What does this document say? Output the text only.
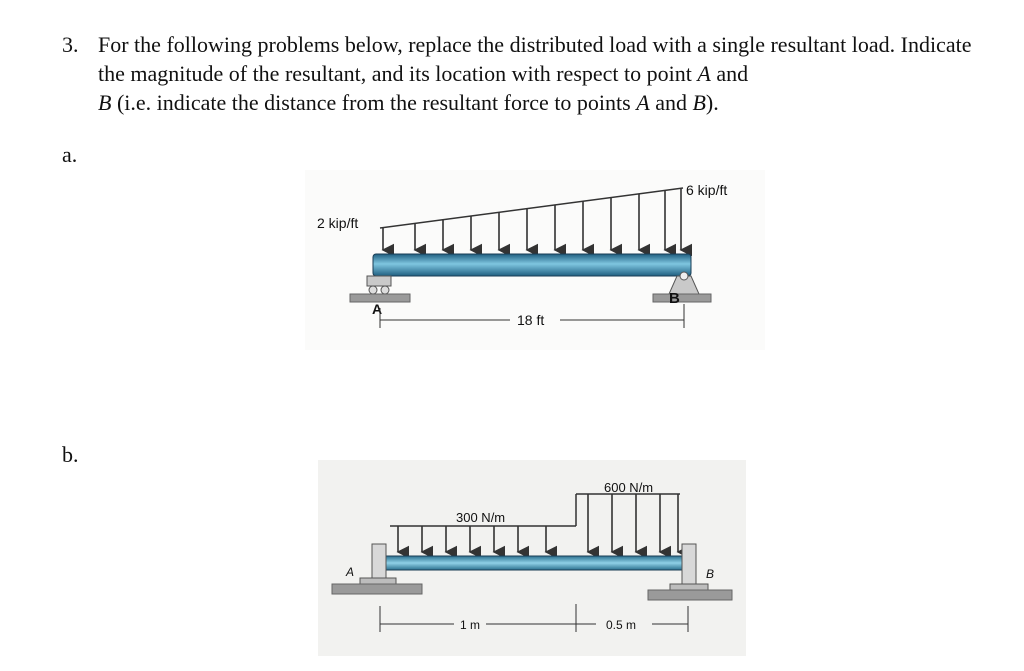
3. For the following problems below, replace the distributed load with a single resultant load. Indicate the magnitude of the resultant, and its location with respect to point A and
B (i.e. indicate the distance from the resultant force to points A and B).
a.
b.
2 kip/ft
6 kip/ft
A
B
18 ft
300 N/m
600 N/m
A	B
1 m	0.5 m
